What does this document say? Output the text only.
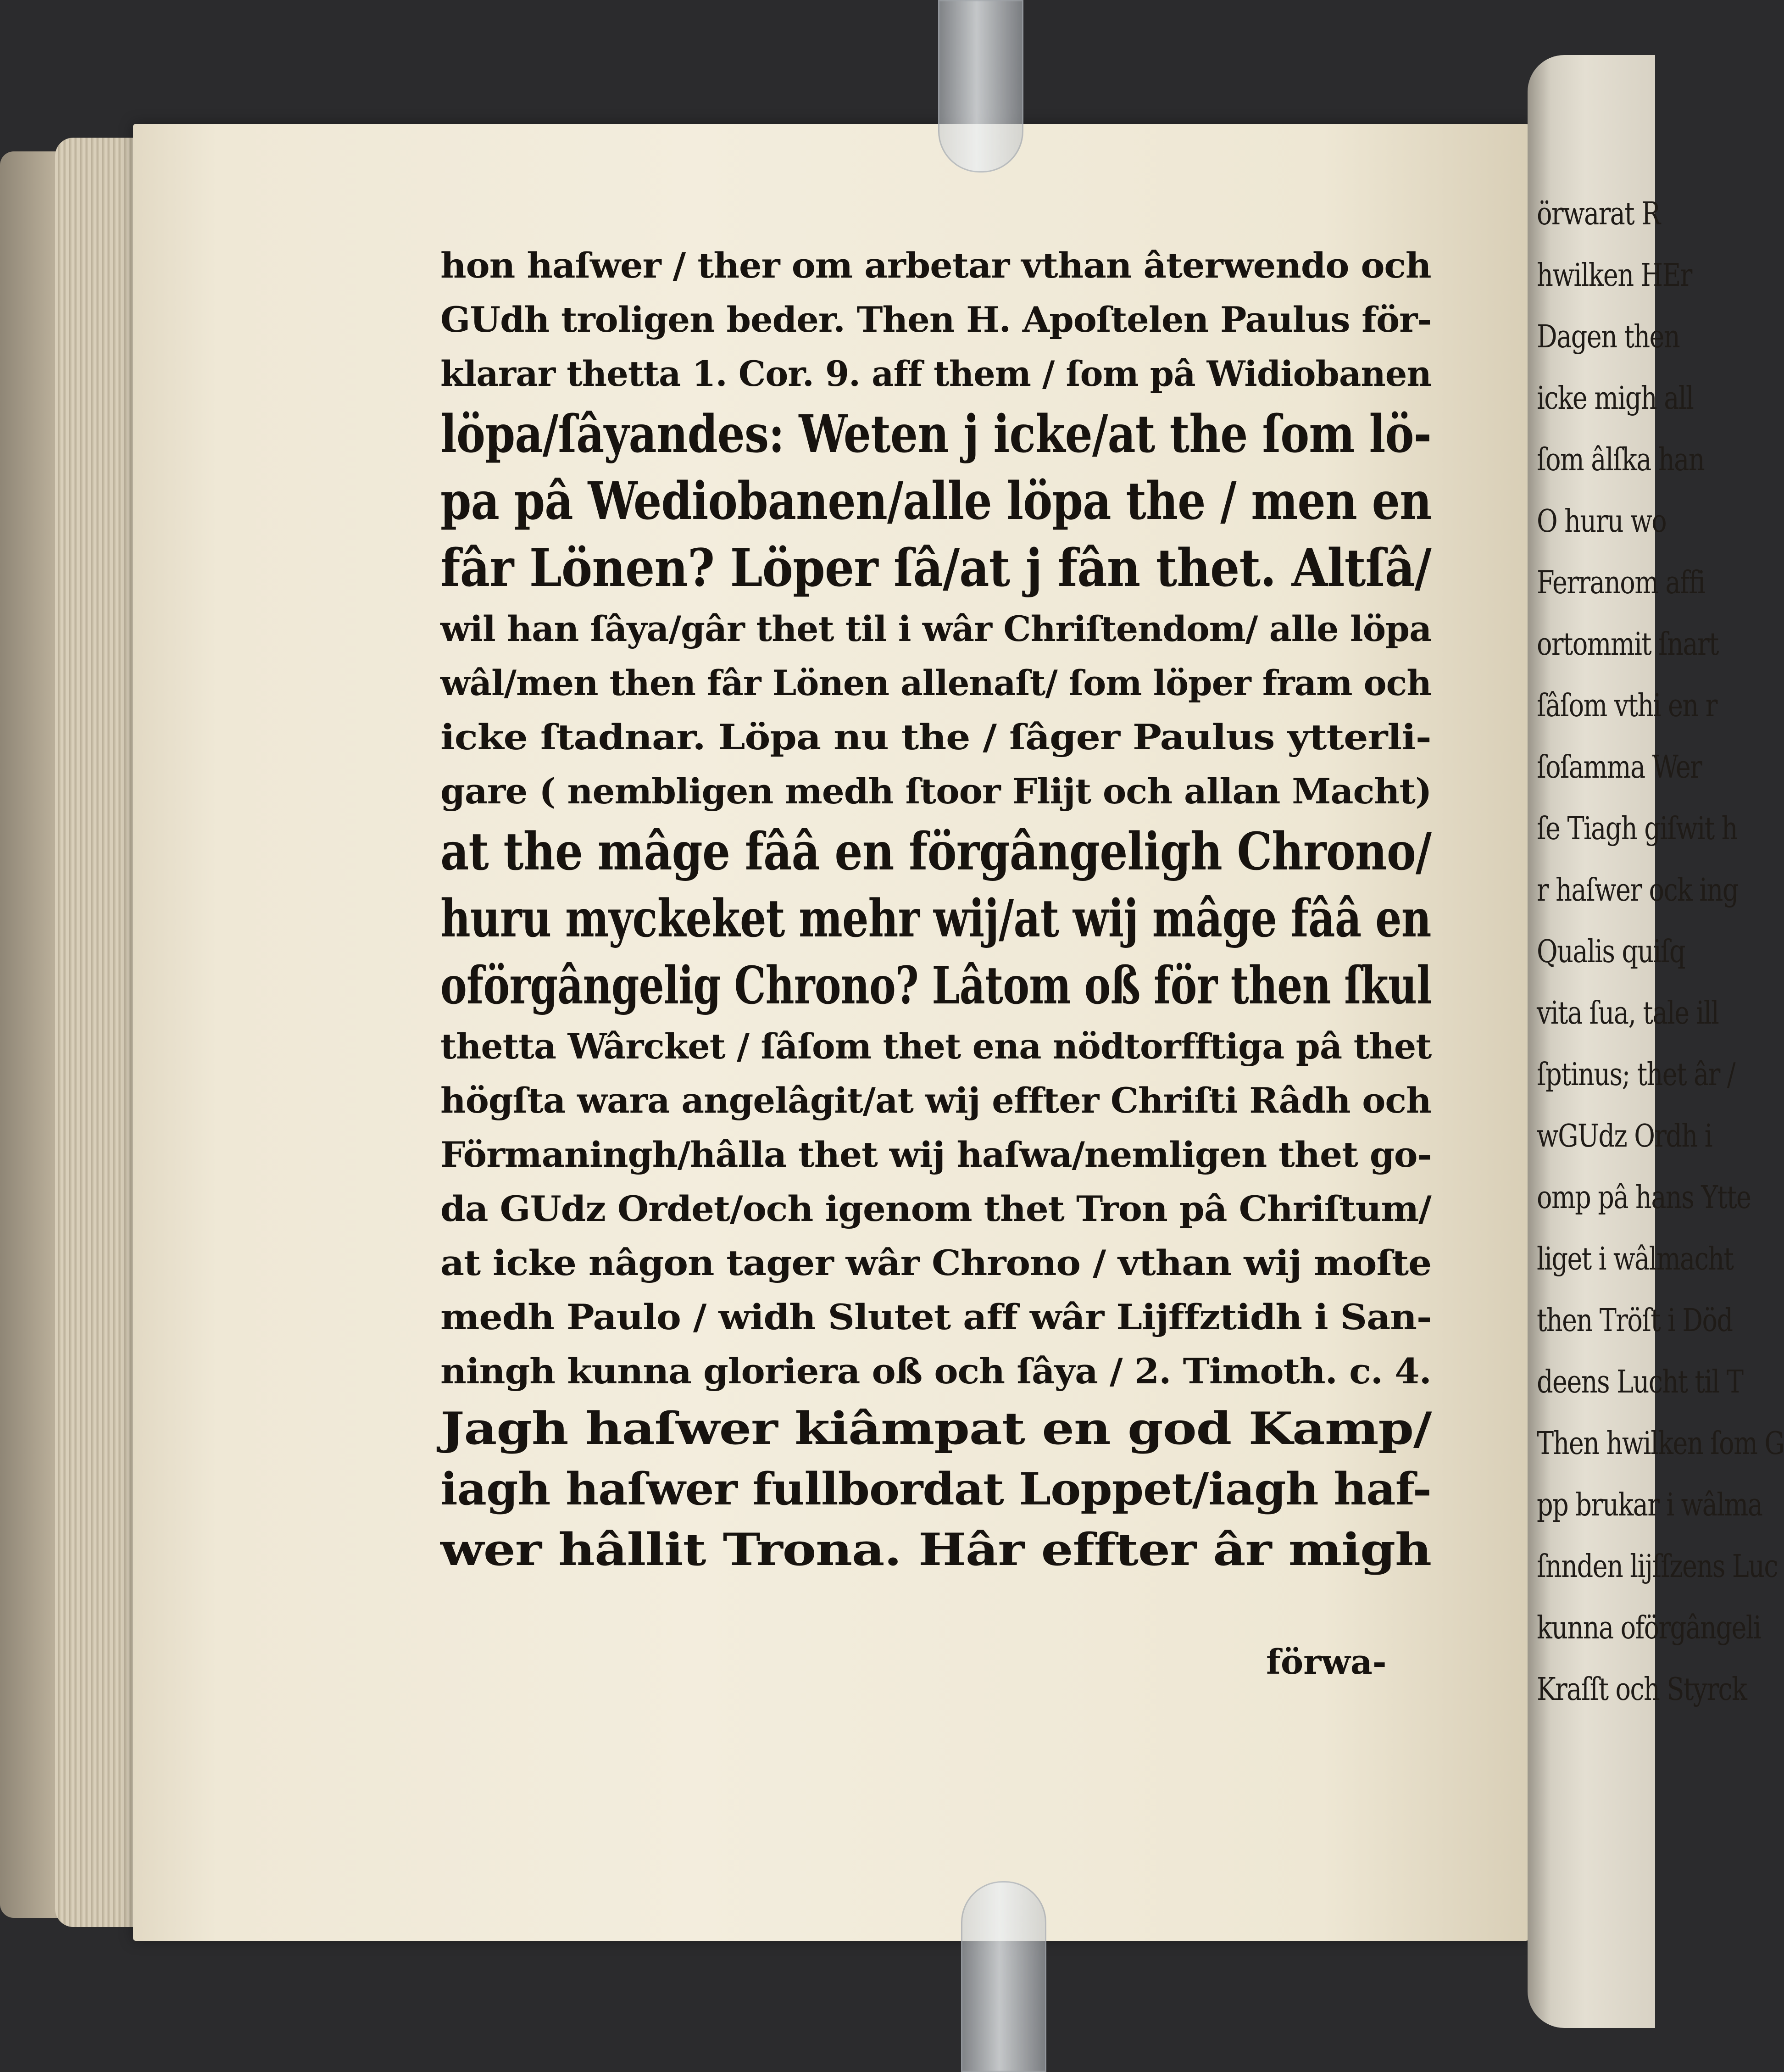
hon haſwer / ther om arbetar vthan âterwendo och
GUdh troligen beder. Then H. Apoſtelen Paulus för-
klarar thetta 1. Cor. 9. aff them / ſom pâ Widiobanen
löpa/ſâyandes: Weten j icke/at the ſom lö-
pa pâ Wediobanen/alle löpa the / men en
fâr Lönen? Löper ſâ/at j fân thet. Altſâ/
wil han ſâya/gâr thet til i wâr Chriſtendom/ alle löpa
wâl/men then fâr Lönen allenaſt/ ſom löper fram och
icke ſtadnar. Löpa nu the / ſâger Paulus ytterli-
gare ( nembligen medh ſtoor Flijt och allan Macht)
at the mâge fââ en förgângeligh Chrono/
huru myckeket mehr wij/at wij mâge fââ en
oförgângelig Chrono? Lâtom oß för then ſkul
thetta Wârcket / ſâſom thet ena nödtorfftiga pâ thet
högſta wara angelâgit/at wij effter Chriſti Râdh och
Förmaningh/hâlla thet wij haſwa/nemligen thet go-
da GUdz Ordet/och igenom thet Tron pâ Chriſtum/
at icke nâgon tager wâr Chrono / vthan wij moſte
medh Paulo / widh Slutet aff wâr Lijffztidh i San-
ningh kunna gloriera oß och ſâya / 2. Timoth. c. 4.
Jagh haſwer kiâmpat en god Kamp/
iagh haſwer fullbordat Loppet/iagh haf-
wer hâllit Trona. Hâr effter âr migh
förwa-
örwarat R
hwilken HEr
Dagen then
icke migh all
ſom âlſka han
O huru wo
Ferranom affi
ortommit ſnart
ſâſom vthi en r
ſoſamma Wer
ſe Tiagh giſwit h
r haſwer ock ing
Qualis quiſq
vita ſua, tale ill
ſptinus; thet âr /
wGUdz Ordh i
omp pâ hans Ytte
liget i wâlmacht
then Tröſt i Död
deens Lucht til T
Then hwilken ſom G
pp brukar i wâlma
ſnnden lijſſzens Luc
kunna oförgângeli
Kraſſt och Styrck
